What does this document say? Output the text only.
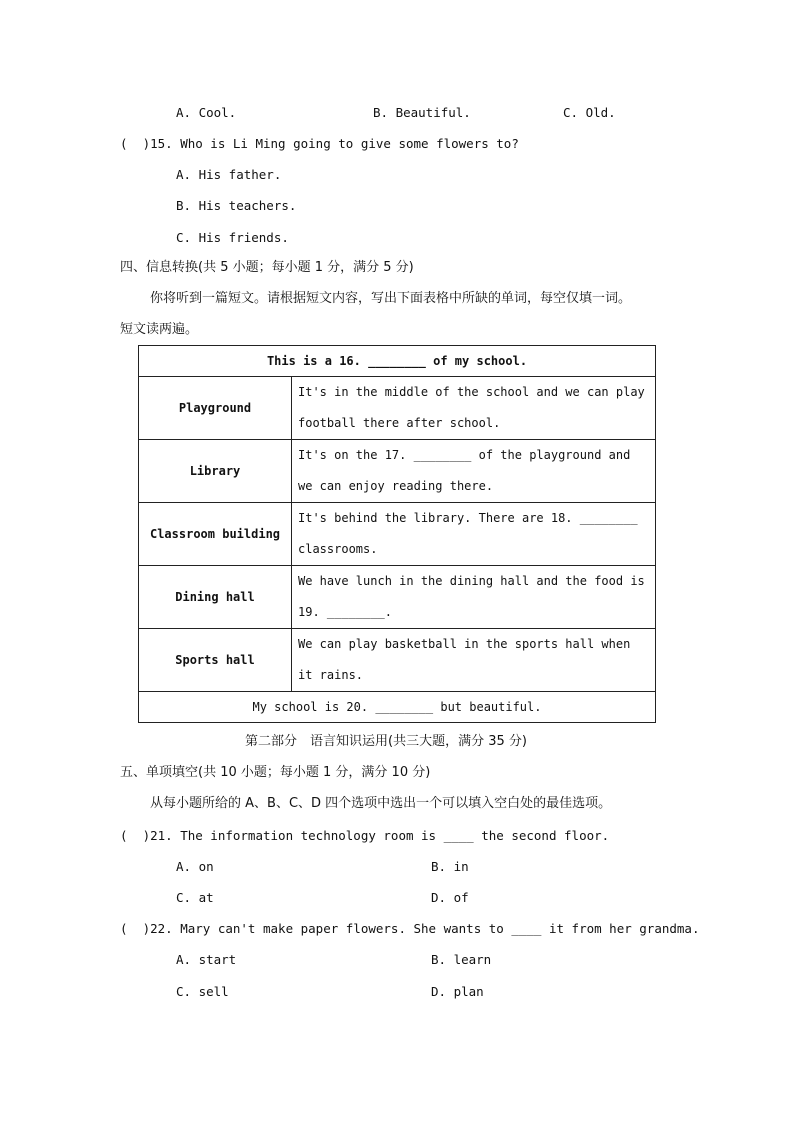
A. Cool.	B. Beautiful.	C. Old.
(  )15. Who is Li Ming going to give some flowers to?
A. His father.
B. His teachers.
C. His friends.
四、信息转换(共 5 小题；每小题 1 分，满分 5 分)
你将听到一篇短文。请根据短文内容，写出下面表格中所缺的单词，每空仅填一词。
短文读两遍。
This is a 16. ________ of my school.	
Playground	It's in the middle of the school and we can play football there after school.
Library	It's on the 17. ________ of the playground and we can enjoy reading there.
Classroom building	It's behind the library. There are 18. ________ classrooms.
Dining hall	We have lunch in the dining hall and the food is 19. ________.
Sports hall	We can play basketball in the sports hall when it rains.
My school is 20. ________ but beautiful.	
第二部分　语言知识运用(共三大题，满分 35 分)
五、单项填空(共 10 小题；每小题 1 分，满分 10 分)
从每小题所给的 A、B、C、D 四个选项中选出一个可以填入空白处的最佳选项。
(  )21. The information technology room is ____ the second floor.
A. on	B. in
C. at	D. of
(  )22. Mary can't make paper flowers. She wants to ____ it from her grandma.
A. start	B. learn
C. sell	D. plan
